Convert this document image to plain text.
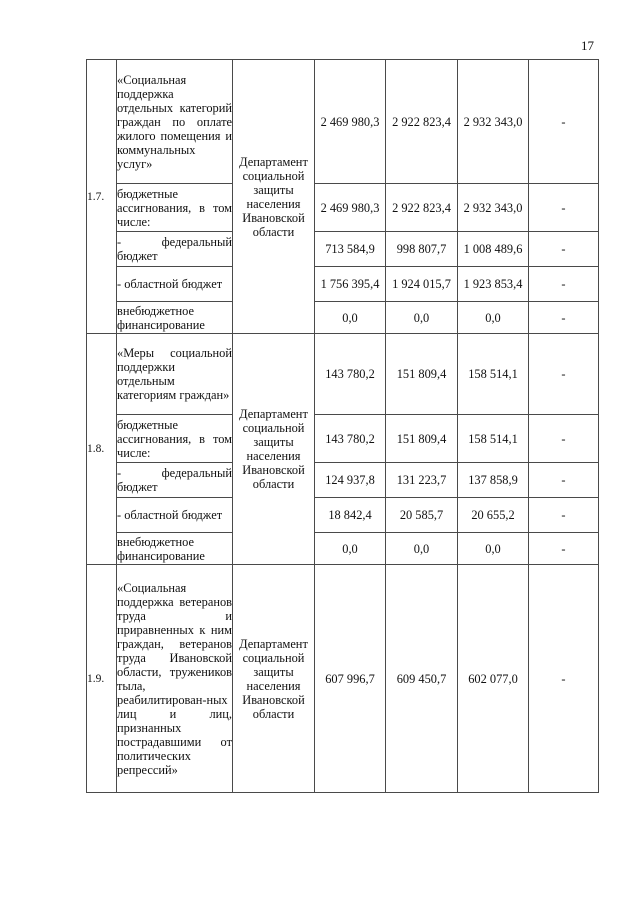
17
1.7.	«Социальная поддержка отдельных категорий граждан по оплате жилого помещения и коммунальных услуг»	Департамент социальной защиты населения Ивановской области	2 469 980,3	2 922 823,4	2 932 343,0	-
	бюджетные ассигнования, в том числе:		2 469 980,3	2 922 823,4	2 932 343,0	-
	- федеральный бюджет		713 584,9	998 807,7	1 008 489,6	-
	- областной бюджет		1 756 395,4	1 924 015,7	1 923 853,4	-
	внебюджетное финансирование		0,0	0,0	0,0	-
1.8.	«Меры социальной поддержки отдельным категориям граждан»	Департамент социальной защиты населения Ивановской области	143 780,2	151 809,4	158 514,1	-
	бюджетные ассигнования, в том числе:		143 780,2	151 809,4	158 514,1	-
	- федеральный бюджет		124 937,8	131 223,7	137 858,9	-
	- областной бюджет		18 842,4	20 585,7	20 655,2	-
	внебюджетное финансирование		0,0	0,0	0,0	-
1.9.	«Социальная поддержка ветеранов труда и приравненных к ним граждан, ветеранов труда Ивановской области, тружеников тыла, реабилитирован-ных лиц и лиц, признанных пострадавшими от политических репрессий»	Департамент социальной защиты населения Ивановской области	607 996,7	609 450,7	602 077,0	-
